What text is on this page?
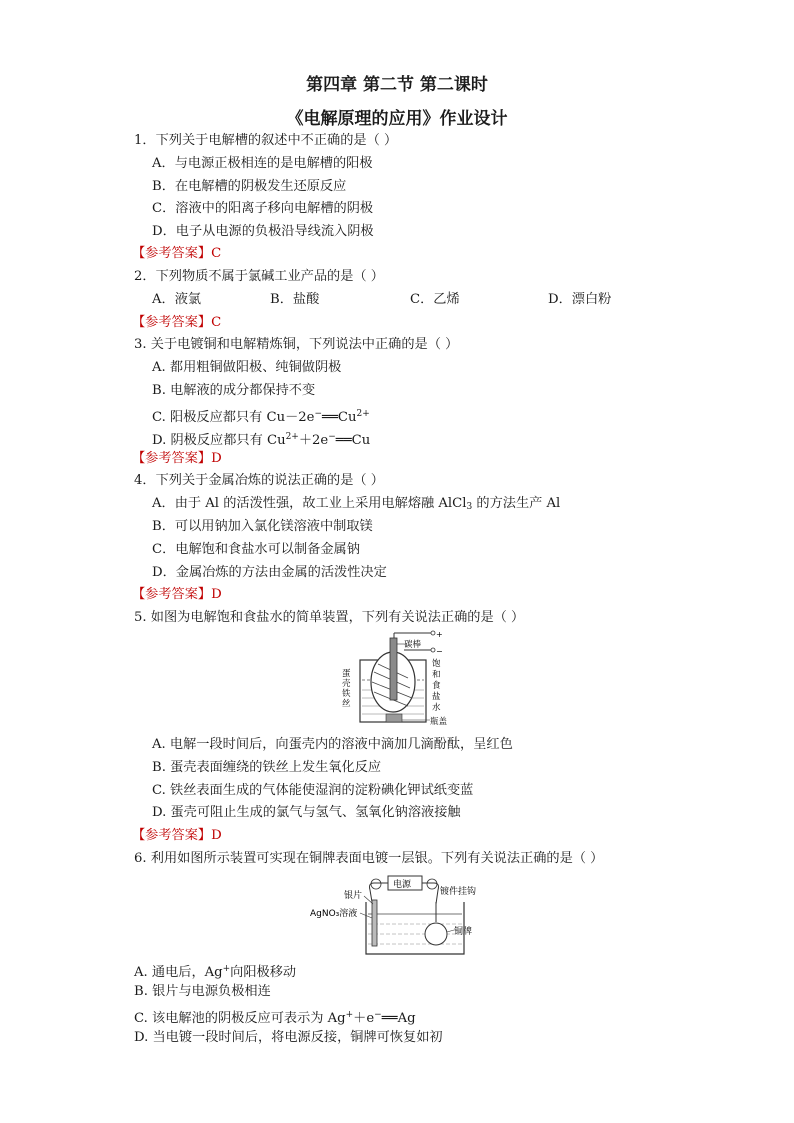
第四章 第二节 第二课时
《电解原理的应用》作业设计
1．下列关于电解槽的叙述中不正确的是（ ）
A．与电源正极相连的是电解槽的阳极
B．在电解槽的阴极发生还原反应
C．溶液中的阳离子移向电解槽的阴极
D．电子从电源的负极沿导线流入阴极
【参考答案】C
2．下列物质不属于氯碱工业产品的是（ ）
A．液氯	B．盐酸	C．乙烯	D．漂白粉
【参考答案】C
3. 关于电镀铜和电解精炼铜，下列说法中正确的是（ ）
A. 都用粗铜做阳极、纯铜做阴极
B. 电解液的成分都保持不变
C. 阳极反应都只有 $Cu-2e^-══Cu^{2+}$
D. 阴极反应都只有 $Cu^{2+}+2e^-══Cu$
【参考答案】D
4．下列关于金属冶炼的说法正确的是（ ）
A．由于 Al 的活泼性强，故工业上采用电解熔融 AlCl$_3$ 的方法生产 Al
B．可以用钠加入氯化镁溶液中制取镁
C．电解饱和食盐水可以制备金属钠
D．金属冶炼的方法由金属的活泼性决定
【参考答案】D
5. 如图为电解饱和食盐水的简单装置，下列有关说法正确的是（ ）
+
−
碳棒
蛋
壳
铁
丝
饱
和
食
盐
水
瓶盖
A. 电解一段时间后，向蛋壳内的溶液中滴加几滴酚酞，呈红色
B. 蛋壳表面缠绕的铁丝上发生氧化反应
C. 铁丝表面生成的气体能使湿润的淀粉碘化钾试纸变蓝
D. 蛋壳可阻止生成的氯气与氢气、氢氧化钠溶液接触
【参考答案】D
6. 利用如图所示装置可实现在铜牌表面电镀一层银。下列有关说法正确的是（ ）
电源
银片	镀件挂钩
AgNO₃溶液
铜牌
A. 通电后，Ag+向阳极移动
B. 银片与电源负极相连
C. 该电解池的阴极反应可表示为 Ag+＋e−══Ag
D. 当电镀一段时间后，将电源反接，铜牌可恢复如初
